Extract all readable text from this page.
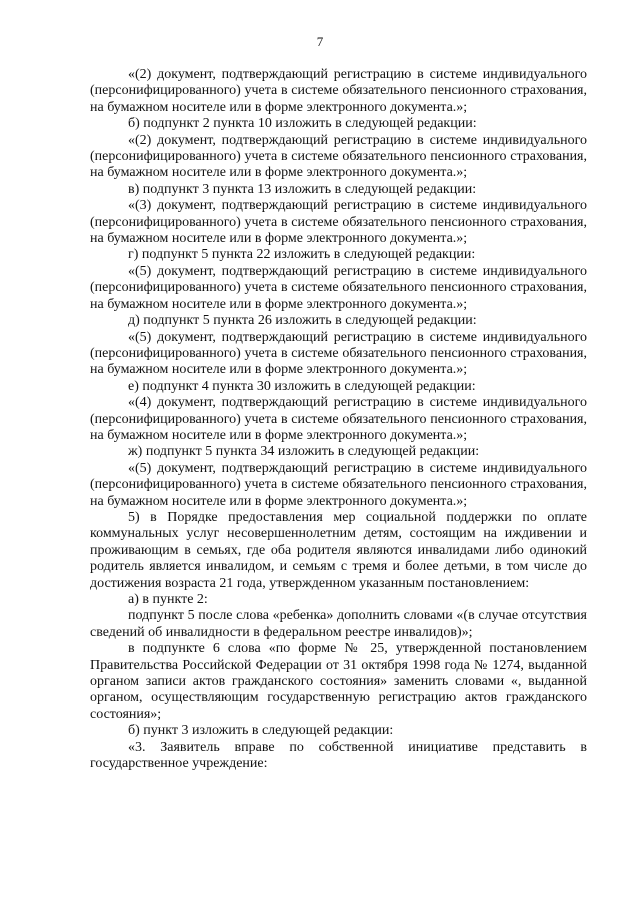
7

«(2) документ, подтверждающий регистрацию в системе индивидуального (персонифицированного) учета в системе обязательного пенсионного страхования, на бумажном носителе или в форме электронного документа.»;

б) подпункт 2 пункта 10 изложить в следующей редакции:

«(2) документ, подтверждающий регистрацию в системе индивидуального (персонифицированного) учета в системе обязательного пенсионного страхования, на бумажном носителе или в форме электронного документа.»;

в) подпункт 3 пункта 13 изложить в следующей редакции:

«(3) документ, подтверждающий регистрацию в системе индивидуального (персонифицированного) учета в системе обязательного пенсионного страхования, на бумажном носителе или в форме электронного документа.»;

г) подпункт 5 пункта 22 изложить в следующей редакции:

«(5) документ, подтверждающий регистрацию в системе индивидуального (персонифицированного) учета в системе обязательного пенсионного страхования, на бумажном носителе или в форме электронного документа.»;

д) подпункт 5 пункта 26 изложить в следующей редакции:

«(5) документ, подтверждающий регистрацию в системе индивидуального (персонифицированного) учета в системе обязательного пенсионного страхования, на бумажном носителе или в форме электронного документа.»;

е) подпункт 4 пункта 30 изложить в следующей редакции:

«(4) документ, подтверждающий регистрацию в системе индивидуального (персонифицированного) учета в системе обязательного пенсионного страхования, на бумажном носителе или в форме электронного документа.»;

ж) подпункт 5 пункта 34 изложить в следующей редакции:

«(5) документ, подтверждающий регистрацию в системе индивидуального (персонифицированного) учета в системе обязательного пенсионного страхования, на бумажном носителе или в форме электронного документа.»;

5) в Порядке предоставления мер социальной поддержки по оплате коммунальных услуг несовершеннолетним детям, состоящим на иждивении и проживающим в семьях, где оба родителя являются инвалидами либо одинокий родитель является инвалидом, и семьям с тремя и более детьми, в том числе до достижения возраста 21 года, утвержденном указанным постановлением:

а) в пункте 2:

подпункт 5 после слова «ребенка» дополнить словами «(в случае отсутствия сведений об инвалидности в федеральном реестре инвалидов)»;

в подпункте 6 слова «по форме № 25, утвержденной постановлением Правительства Российской Федерации от 31 октября 1998 года № 1274, выданной органом записи актов гражданского состояния» заменить словами «, выданной органом, осуществляющим государственную регистрацию актов гражданского состояния»;

б) пункт 3 изложить в следующей редакции:

«3. Заявитель вправе по собственной инициативе представить в государственное учреждение:
